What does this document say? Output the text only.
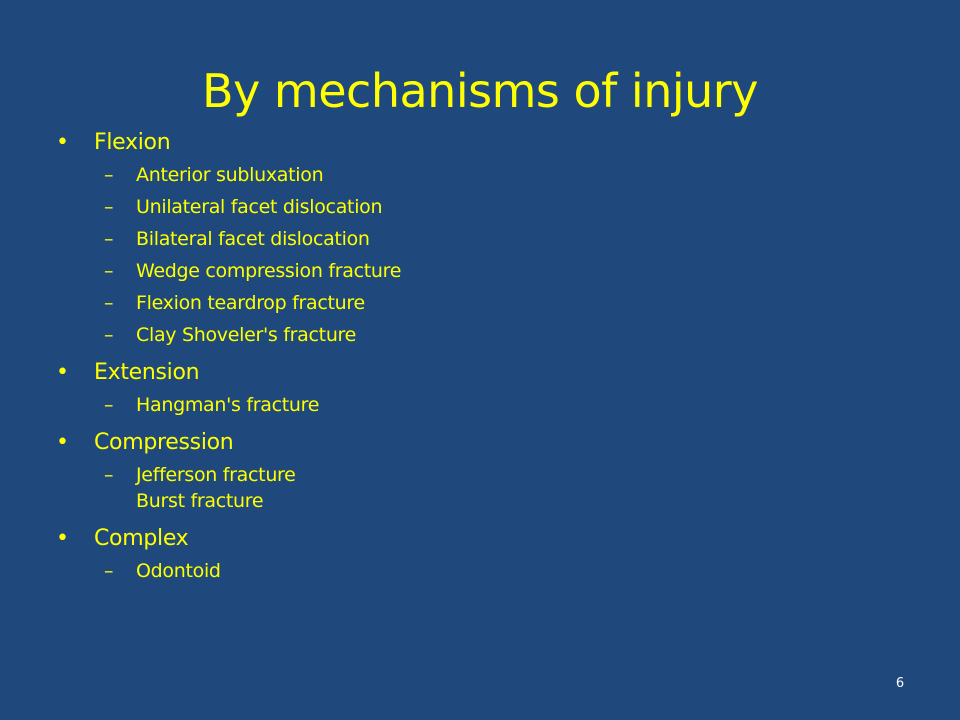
By mechanisms of injury
• Flexion
– Anterior subluxation
– Unilateral facet dislocation
– Bilateral facet dislocation
– Wedge compression fracture
– Flexion teardrop fracture
– Clay Shoveler's fracture
• Extension
– Hangman's fracture
• Compression
– Jefferson fracture
Burst fracture
• Complex
– Odontoid
6
